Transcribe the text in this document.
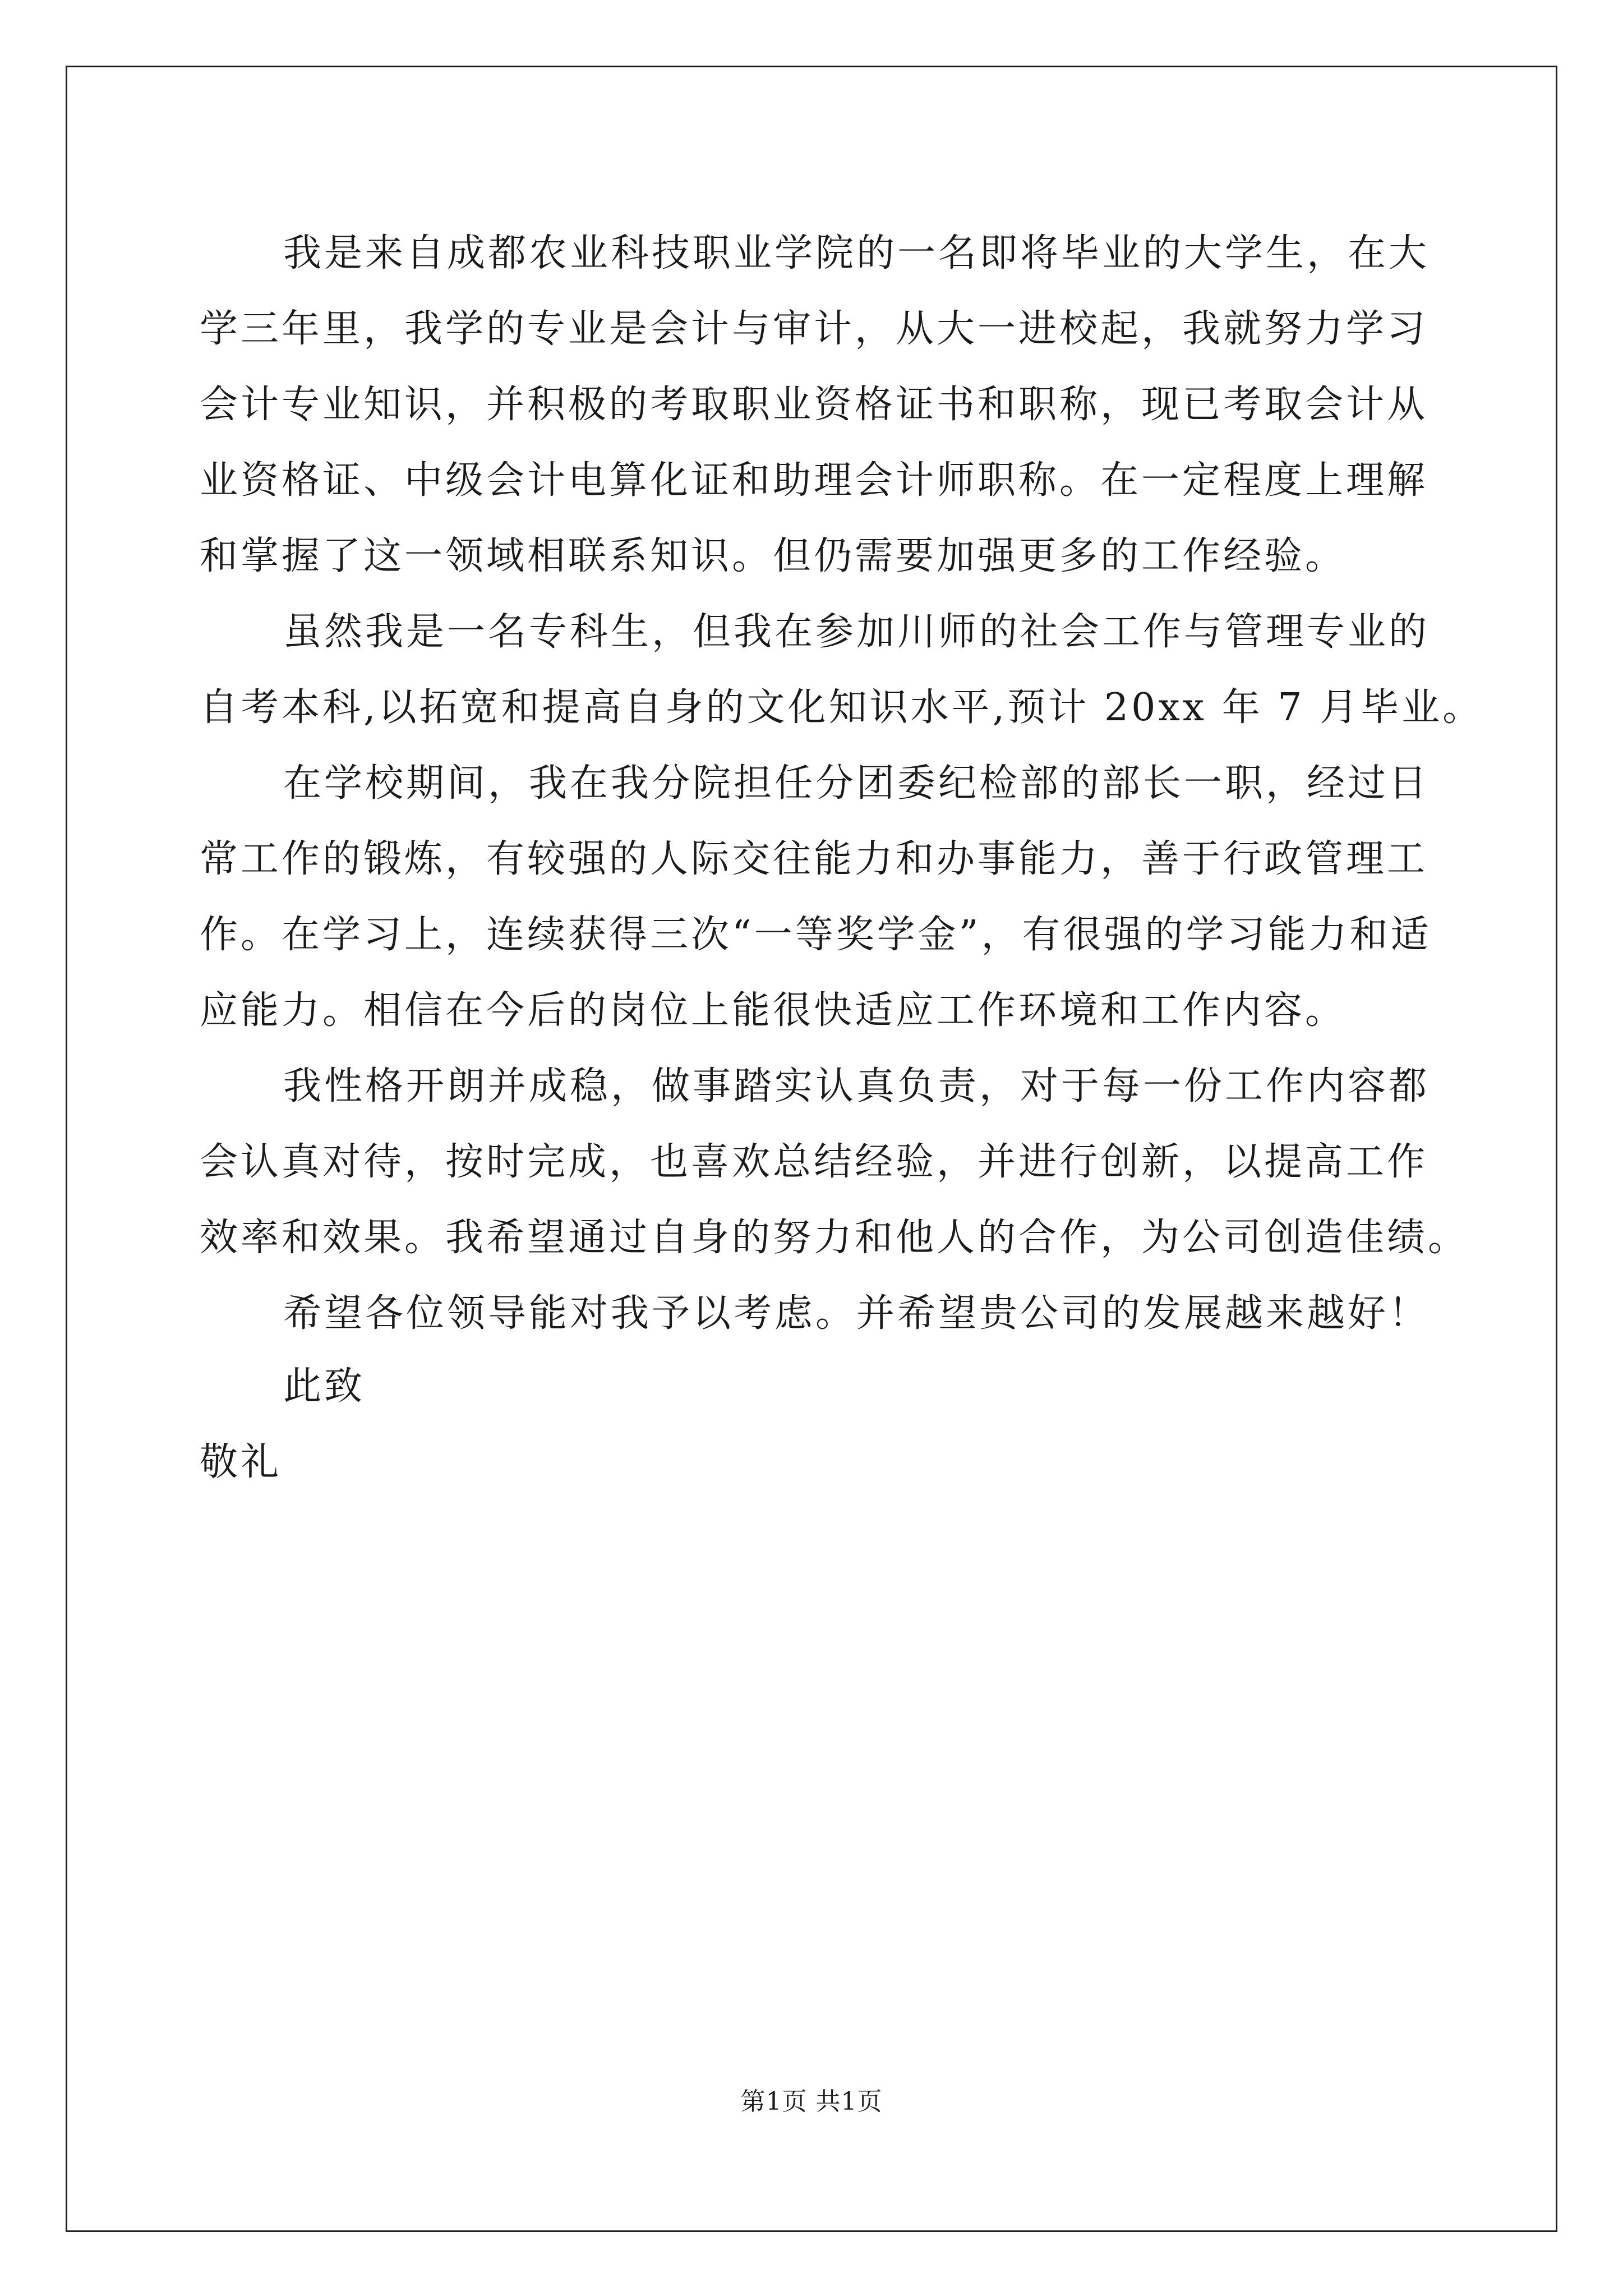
我是来自成都农业科技职业学院的一名即将毕业的大学生，在大
学三年里，我学的专业是会计与审计，从大一进校起，我就努力学习
会计专业知识，并积极的考取职业资格证书和职称，现已考取会计从
业资格证、中级会计电算化证和助理会计师职称。在一定程度上理解
和掌握了这一领域相联系知识。但仍需要加强更多的工作经验。
虽然我是一名专科生，但我在参加川师的社会工作与管理专业的
自考本科,以拓宽和提高自身的文化知识水平,预计 20xx 年 7 月毕业。
在学校期间，我在我分院担任分团委纪检部的部长一职，经过日
常工作的锻炼，有较强的人际交往能力和办事能力，善于行政管理工
作。在学习上，连续获得三次“一等奖学金”，有很强的学习能力和适
应能力。相信在今后的岗位上能很快适应工作环境和工作内容。
我性格开朗并成稳，做事踏实认真负责，对于每一份工作内容都
会认真对待，按时完成，也喜欢总结经验，并进行创新，以提高工作
效率和效果。我希望通过自身的努力和他人的合作，为公司创造佳绩。
希望各位领导能对我予以考虑。并希望贵公司的发展越来越好！
此致
敬礼
第1页 共1页
